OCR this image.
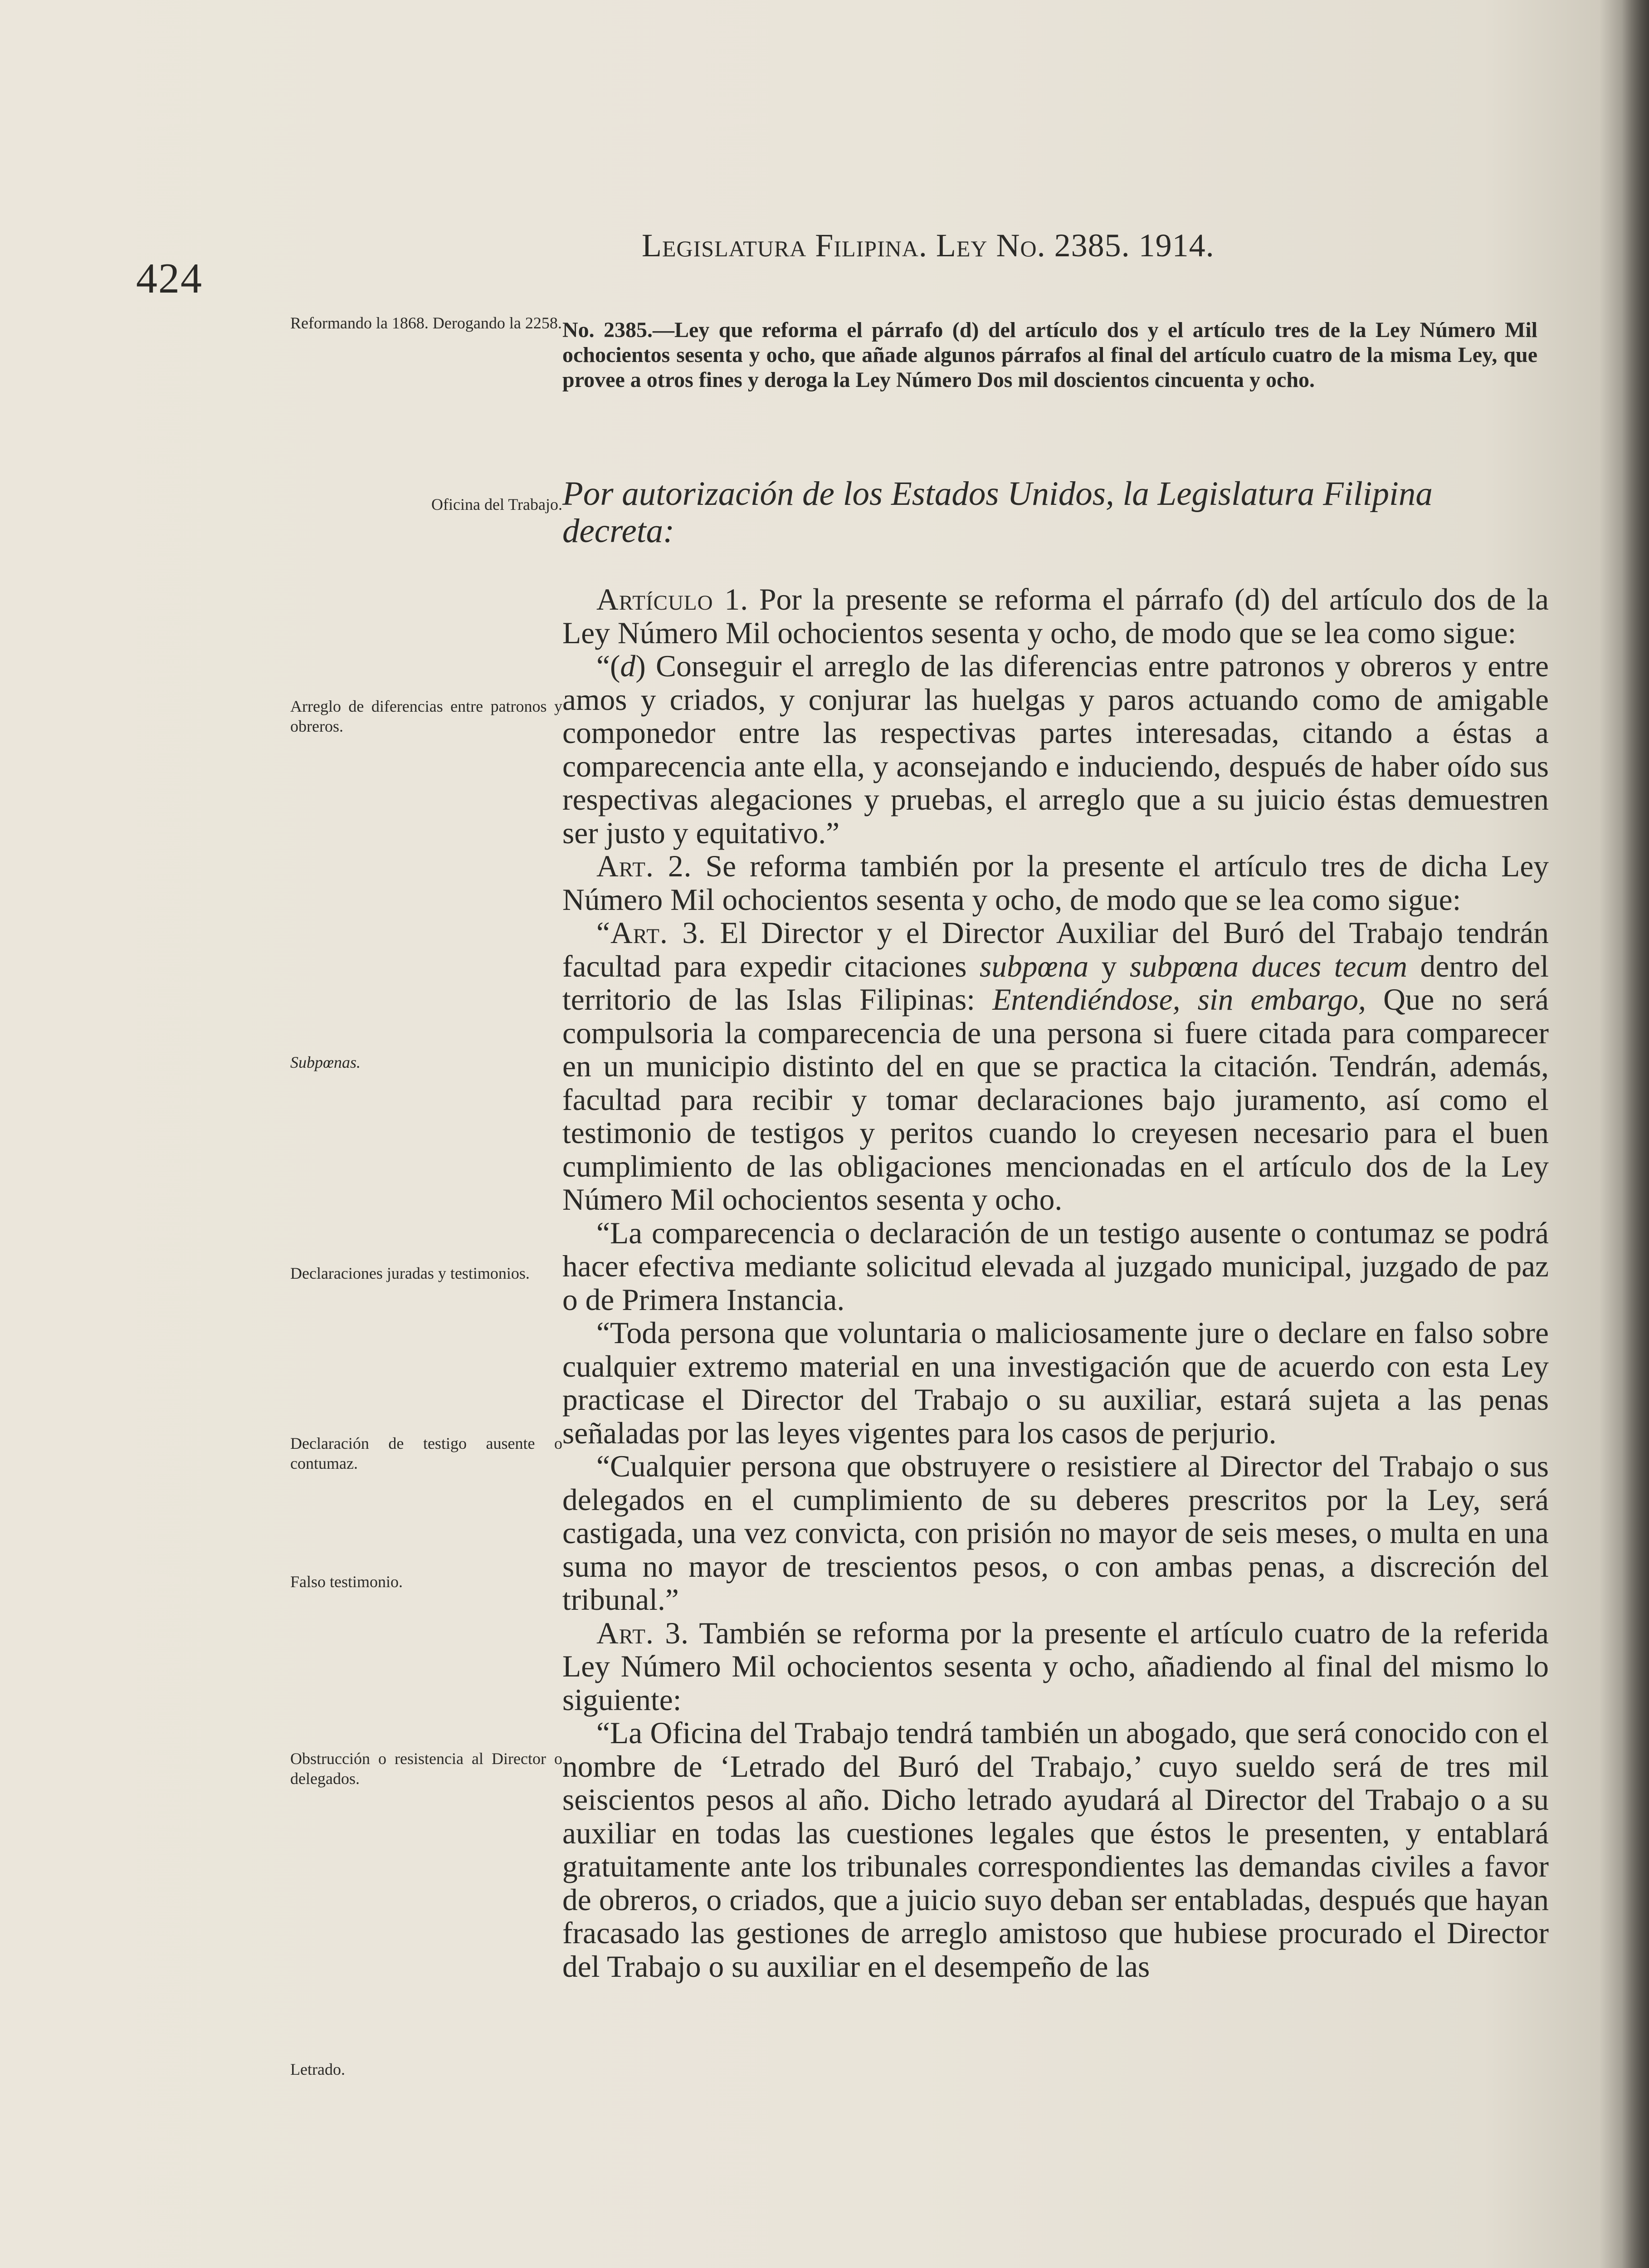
424
Legislatura Filipina. Ley No. 2385. 1914.
Reformando la 1868. Derogando la 2258.
Oficina del Trabajo.
Arreglo de diferencias entre patronos y obreros.
Subpœnas.
Declaraciones juradas y testimonios.
Declaración de testigo ausente o contumaz.
Falso testimonio.
Obstrucción o resistencia al Director o delegados.
Letrado.

No. 2385.—Ley que reforma el párrafo (d) del artículo dos y el artículo tres de la Ley Número Mil ochocientos sesenta y ocho, que añade algunos párrafos al final del artículo cuatro de la misma Ley, que provee a otros fines y deroga la Ley Número Dos mil doscientos cincuenta y ocho.

Por autorización de los Estados Unidos, la Legislatura Filipina decreta:

Artículo 1. Por la presente se reforma el párrafo (d) del artículo dos de la Ley Número Mil ochocientos sesenta y ocho, de modo que se lea como sigue:

“(d) Conseguir el arreglo de las diferencias entre patronos y obreros y entre amos y criados, y conjurar las huelgas y paros actuando como de amigable componedor entre las respectivas partes interesadas, citando a éstas a comparecencia ante ella, y aconsejando e induciendo, después de haber oído sus respectivas alegaciones y pruebas, el arreglo que a su juicio éstas demuestren ser justo y equitativo.”

Art. 2. Se reforma también por la presente el artículo tres de dicha Ley Número Mil ochocientos sesenta y ocho, de modo que se lea como sigue:

“Art. 3. El Director y el Director Auxiliar del Buró del Trabajo tendrán facultad para expedir citaciones subpœna y subpœna duces tecum dentro del territorio de las Islas Filipinas: Entendiéndose, sin embargo, Que no será compulsoria la comparecencia de una persona si fuere citada para comparecer en un municipio distinto del en que se practica la citación. Tendrán, además, facultad para recibir y tomar declaraciones bajo juramento, así como el testimonio de testigos y peritos cuando lo creyesen necesario para el buen cumplimiento de las obligaciones mencionadas en el artículo dos de la Ley Número Mil ochocientos sesenta y ocho.

“La comparecencia o declaración de un testigo ausente o contumaz se podrá hacer efectiva mediante solicitud elevada al juzgado municipal, juzgado de paz o de Primera Instancia.

“Toda persona que voluntaria o maliciosamente jure o declare en falso sobre cualquier extremo material en una investigación que de acuerdo con esta Ley practicase el Director del Trabajo o su auxiliar, estará sujeta a las penas señaladas por las leyes vigentes para los casos de perjurio.

“Cualquier persona que obstruyere o resistiere al Director del Trabajo o sus delegados en el cumplimiento de su deberes prescritos por la Ley, será castigada, una vez convicta, con prisión no mayor de seis meses, o multa en una suma no mayor de trescientos pesos, o con ambas penas, a discreción del tribunal.”

Art. 3. También se reforma por la presente el artículo cuatro de la referida Ley Número Mil ochocientos sesenta y ocho, añadiendo al final del mismo lo siguiente:

“La Oficina del Trabajo tendrá también un abogado, que será conocido con el nombre de ‘Letrado del Buró del Trabajo,’ cuyo sueldo será de tres mil seiscientos pesos al año. Dicho letrado ayudará al Director del Trabajo o a su auxiliar en todas las cuestiones legales que éstos le presenten, y entablará gratuitamente ante los tribunales correspondientes las demandas civiles a favor de obreros, o criados, que a juicio suyo deban ser entabladas, después que hayan fracasado las gestiones de arreglo amistoso que hubiese procurado el Director del Trabajo o su auxiliar en el desempeño de las
